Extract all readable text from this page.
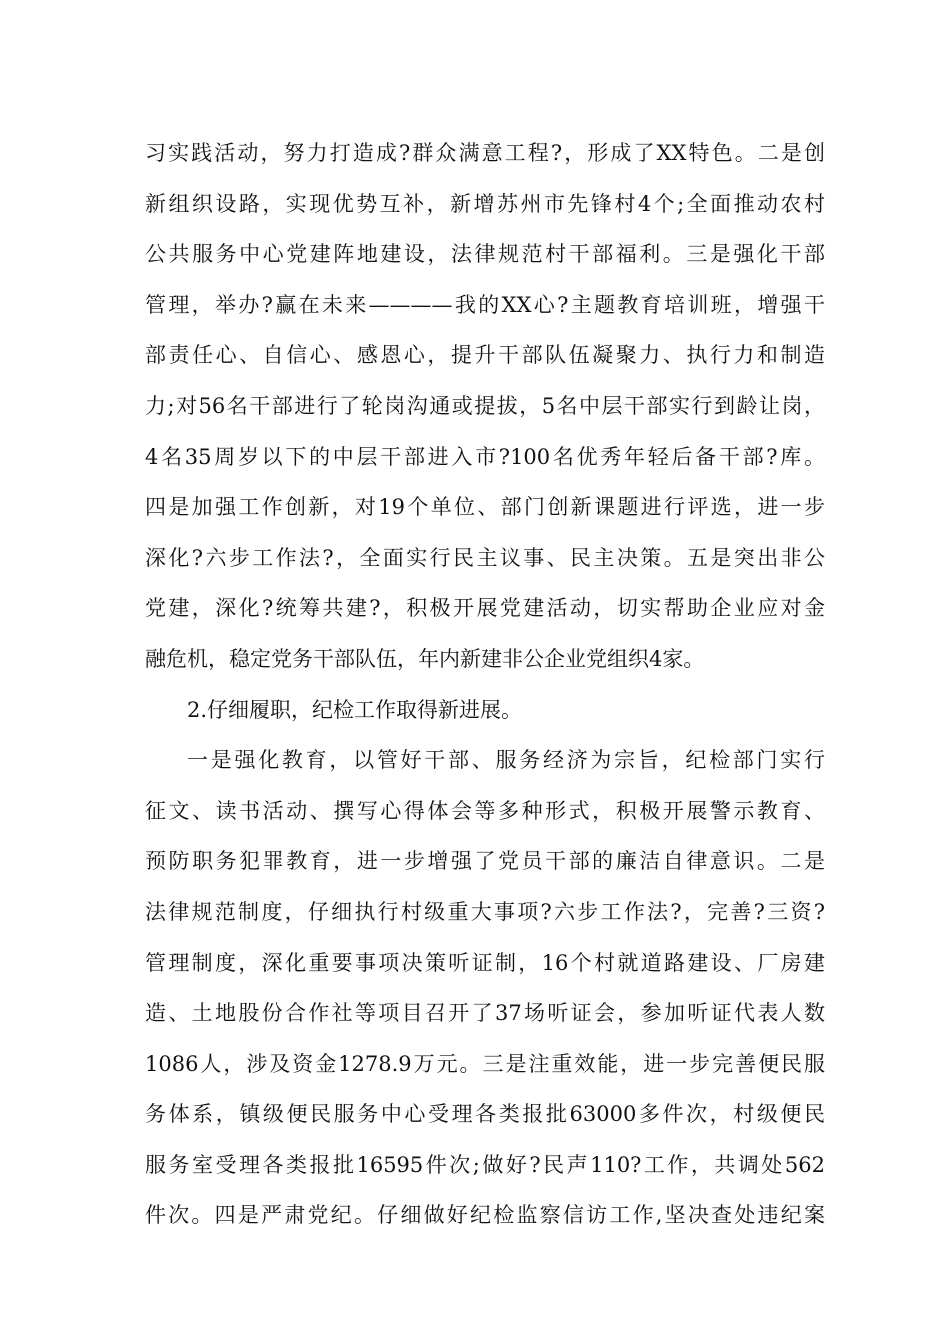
习实践活动，努力打造成?群众满意工程?，形成了XX特色。二是创
新组织设路，实现优势互补，新增苏州市先锋村4个;全面推动农村
公共服务中心党建阵地建设，法律规范村干部福利。三是强化干部
管理，举办?赢在未来————我的XX心?主题教育培训班，增强干
部责任心、自信心、感恩心，提升干部队伍凝聚力、执行力和制造
力;对56名干部进行了轮岗沟通或提拔，5名中层干部实行到龄让岗，
4名35周岁以下的中层干部进入市?100名优秀年轻后备干部?库。
四是加强工作创新，对19个单位、部门创新课题进行评选，进一步
深化?六步工作法?，全面实行民主议事、民主决策。五是突出非公
党建，深化?统筹共建?，积极开展党建活动，切实帮助企业应对金
融危机，稳定党务干部队伍，年内新建非公企业党组织4家。
2.仔细履职，纪检工作取得新进展。
一是强化教育，以管好干部、服务经济为宗旨，纪检部门实行
征文、读书活动、撰写心得体会等多种形式，积极开展警示教育、
预防职务犯罪教育，进一步增强了党员干部的廉洁自律意识。二是
法律规范制度，仔细执行村级重大事项?六步工作法?，完善?三资?
管理制度，深化重要事项决策听证制，16个村就道路建设、厂房建
造、土地股份合作社等项目召开了37场听证会，参加听证代表人数
1086人，涉及资金1278.9万元。三是注重效能，进一步完善便民服
务体系，镇级便民服务中心受理各类报批63000多件次，村级便民
服务室受理各类报批16595件次;做好?民声110?工作，共调处562
件次。四是严肃党纪。仔细做好纪检监察信访工作,坚决查处违纪案
